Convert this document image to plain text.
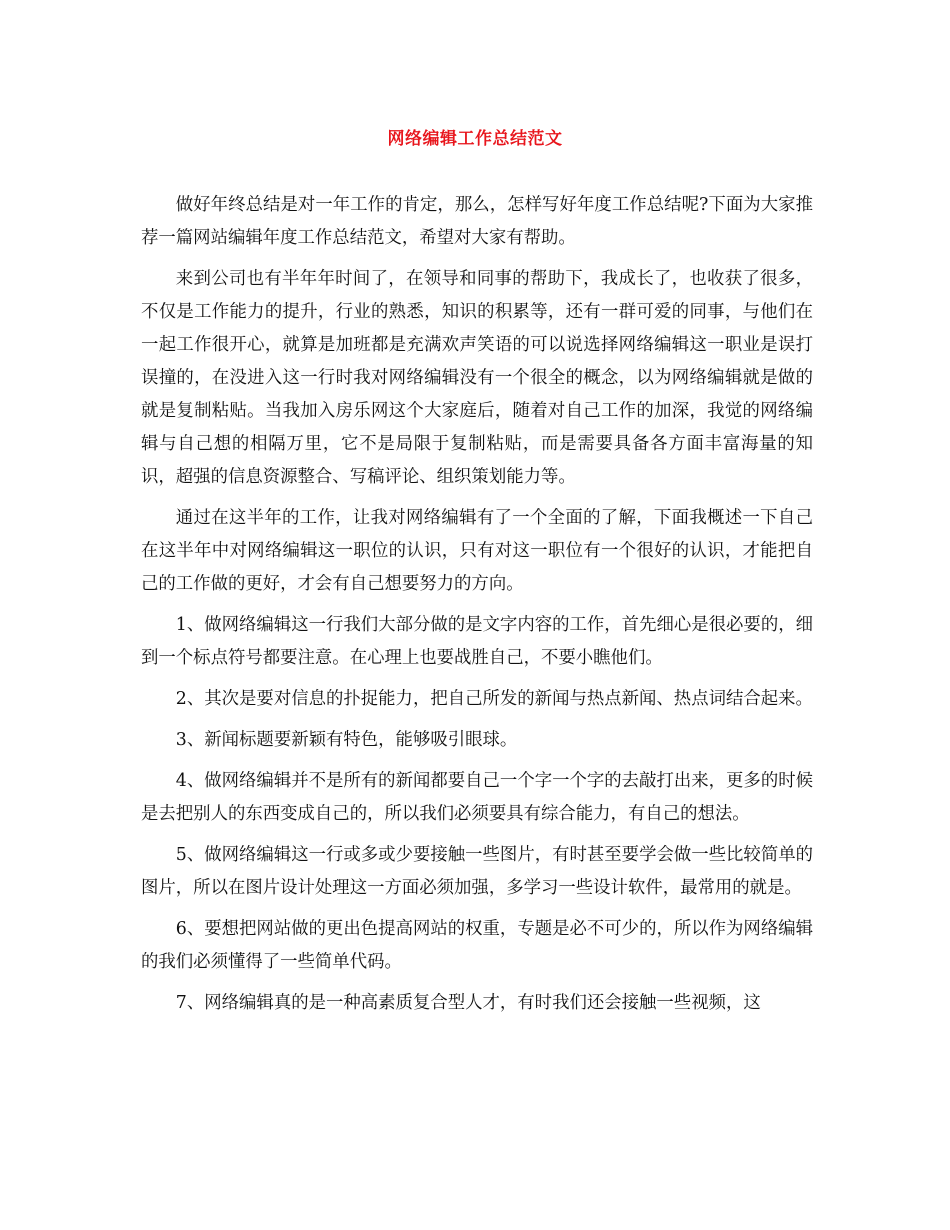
网络编辑工作总结范文

做好年终总结是对一年工作的肯定，那么，怎样写好年度工作总结呢?下面为大家推荐一篇网站编辑年度工作总结范文，希望对大家有帮助。

来到公司也有半年年时间了，在领导和同事的帮助下，我成长了，也收获了很多，不仅是工作能力的提升，行业的熟悉，知识的积累等，还有一群可爱的同事，与他们在一起工作很开心，就算是加班都是充满欢声笑语的可以说选择网络编辑这一职业是误打误撞的，在没进入这一行时我对网络编辑没有一个很全的概念，以为网络编辑就是做的就是复制粘贴。当我加入房乐网这个大家庭后，随着对自己工作的加深，我觉的网络编辑与自己想的相隔万里，它不是局限于复制粘贴，而是需要具备各方面丰富海量的知识，超强的信息资源整合、写稿评论、组织策划能力等。

通过在这半年的工作，让我对网络编辑有了一个全面的了解，下面我概述一下自己在这半年中对网络编辑这一职位的认识，只有对这一职位有一个很好的认识，才能把自己的工作做的更好，才会有自己想要努力的方向。

1、做网络编辑这一行我们大部分做的是文字内容的工作，首先细心是很必要的，细到一个标点符号都要注意。在心理上也要战胜自己，不要小瞧他们。

2、其次是要对信息的扑捉能力，把自己所发的新闻与热点新闻、热点词结合起来。

3、新闻标题要新颖有特色，能够吸引眼球。

4、做网络编辑并不是所有的新闻都要自己一个字一个字的去敲打出来，更多的时候是去把别人的东西变成自己的，所以我们必须要具有综合能力，有自己的想法。

5、做网络编辑这一行或多或少要接触一些图片，有时甚至要学会做一些比较简单的图片，所以在图片设计处理这一方面必须加强，多学习一些设计软件，最常用的就是。

6、要想把网站做的更出色提高网站的权重，专题是必不可少的，所以作为网络编辑的我们必须懂得了一些简单代码。

7、网络编辑真的是一种高素质复合型人才，有时我们还会接触一些视频，这
